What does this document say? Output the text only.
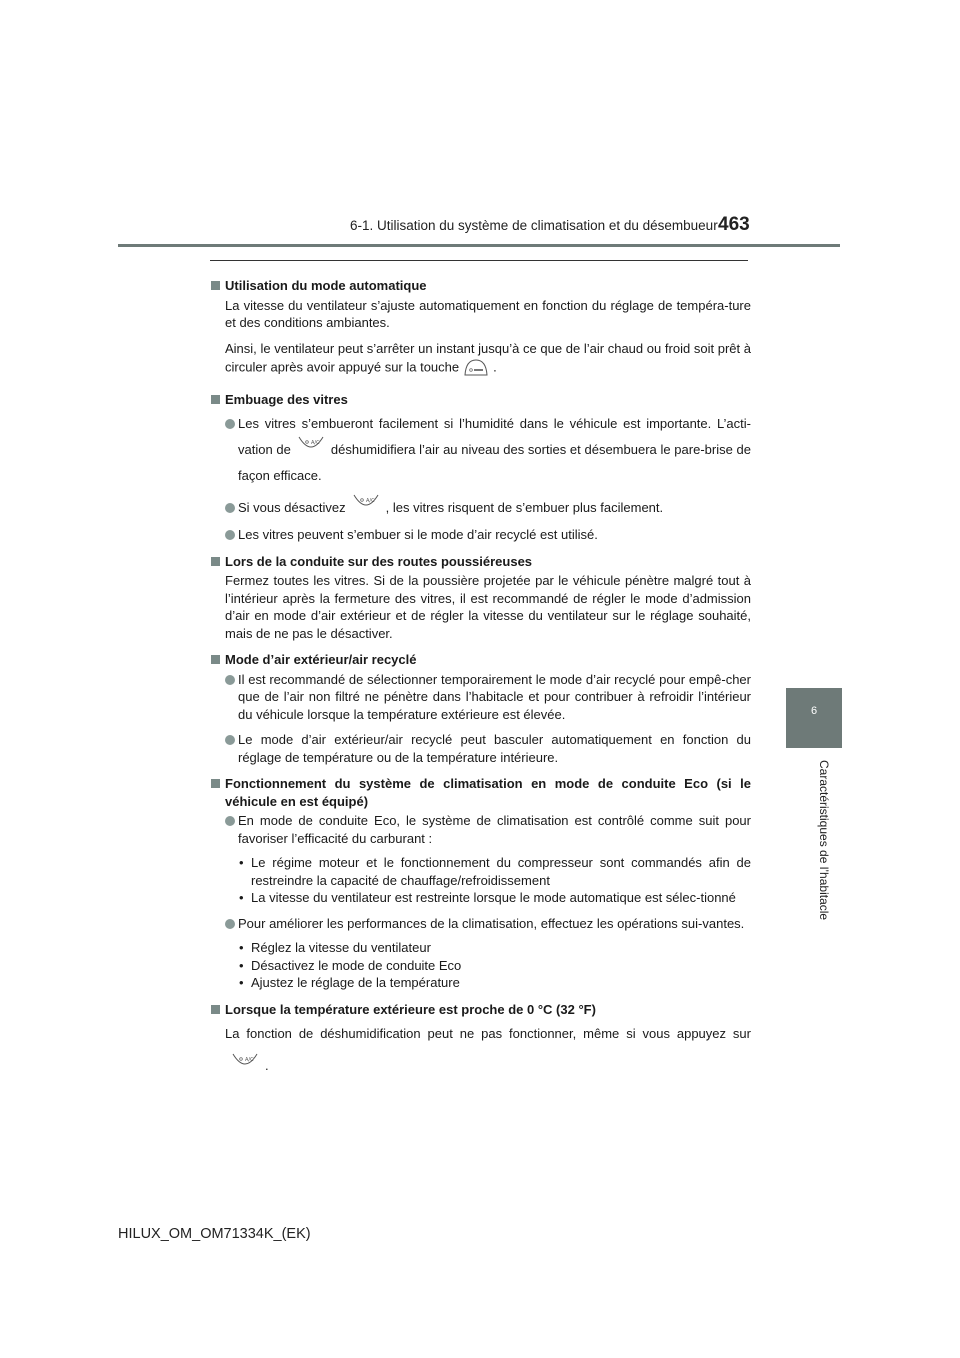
6-1. Utilisation du système de climatisation et du désembueur 463
6
Caractéristiques de l’habitacle
Utilisation du mode automatique
La vitesse du ventilateur s’ajuste automatiquement en fonction du réglage de tempéra-ture et des conditions ambiantes.
Ainsi, le ventilateur peut s’arrêter un instant jusqu’à ce que de l’air chaud ou froid soit prêt à circuler après avoir appuyé sur la touche	.
Embuage des vitres
Les vitres s’embueront facilement si l’humidité dans le véhicule est importante. L’acti-vation de	A/C déshumidifiera l’air au niveau des sorties et désembuera le pare-brise de façon efficace.
Si vous désactivez	A/C , les vitres risquent de s’embuer plus facilement.
Les vitres peuvent s’embuer si le mode d’air recyclé est utilisé.
Lors de la conduite sur des routes poussiéreuses
Fermez toutes les vitres. Si de la poussière projetée par le véhicule pénètre malgré tout à l’intérieur après la fermeture des vitres, il est recommandé de régler le mode d’admission d’air en mode d’air extérieur et de régler la vitesse du ventilateur sur le réglage souhaité, mais de ne pas le désactiver.
Mode d’air extérieur/air recyclé
Il est recommandé de sélectionner temporairement le mode d’air recyclé pour empê-cher que de l’air non filtré ne pénètre dans l’habitacle et pour contribuer à refroidir l’intérieur du véhicule lorsque la température extérieure est élevée.
Le mode d’air extérieur/air recyclé peut basculer automatiquement en fonction du réglage de température ou de la température intérieure.
Fonctionnement du système de climatisation en mode de conduite Eco (si le véhicule en est équipé)
En mode de conduite Eco, le système de climatisation est contrôlé comme suit pour favoriser l’efficacité du carburant :
• Le régime moteur et le fonctionnement du compresseur sont commandés afin de restreindre la capacité de chauffage/refroidissement
• La vitesse du ventilateur est restreinte lorsque le mode automatique est sélec-tionné
Pour améliorer les performances de la climatisation, effectuez les opérations sui-vantes.
• Réglez la vitesse du ventilateur
• Désactivez le mode de conduite Eco
• Ajustez le réglage de la température
Lorsque la température extérieure est proche de 0 °C (32 °F)
La fonction de déshumidification peut ne pas fonctionner, même si vous appuyez sur
A/C .
HILUX_OM_OM71334K_(EK)
